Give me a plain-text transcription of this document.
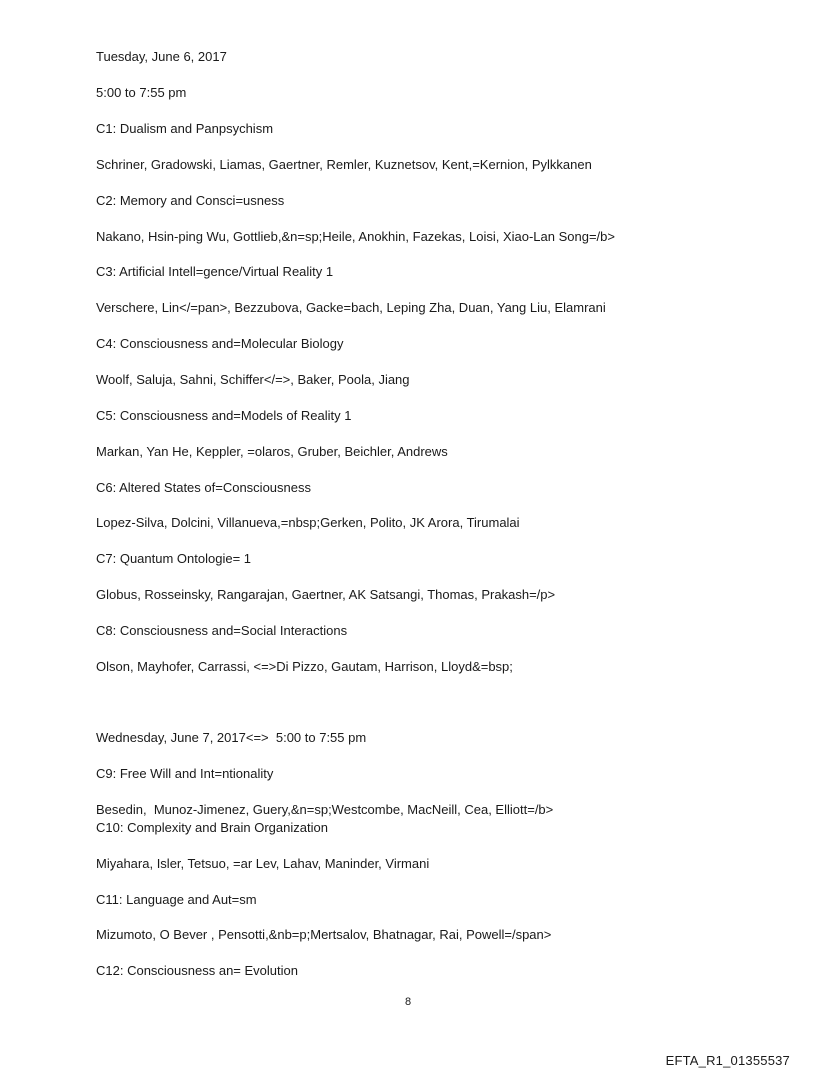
Tuesday, June 6, 2017
5:00 to 7:55 pm
C1: Dualism and Panpsychism
Schriner, Gradowski, Liamas, Gaertner, Remler, Kuznetsov, Kent,=Kernion, Pylkkanen
C2: Memory and Consci=usness
Nakano, Hsin-ping Wu, Gottlieb,&n=sp;Heile, Anokhin, Fazekas, Loisi, Xiao-Lan Song=/b>
C3: Artificial Intell=gence/Virtual Reality 1
Verschere, Lin</=pan>, Bezzubova, Gacke=bach, Leping Zha, Duan, Yang Liu, Elamrani
C4: Consciousness and=Molecular Biology
Woolf, Saluja, Sahni, Schiffer</=>, Baker, Poola, Jiang
C5: Consciousness and=Models of Reality 1
Markan, Yan He, Keppler, =olaros, Gruber, Beichler, Andrews
C6: Altered States of=Consciousness
Lopez-Silva, Dolcini, Villanueva,=nbsp;Gerken, Polito, JK Arora, Tirumalai
C7: Quantum Ontologie= 1
Globus, Rosseinsky, Rangarajan, Gaertner, AK Satsangi, Thomas, Prakash=/p>
C8: Consciousness and=Social Interactions
Olson, Mayhofer, Carrassi, <=>Di Pizzo, Gautam, Harrison, Lloyd&=bsp;
Wednesday, June 7, 2017<=>  5:00 to 7:55 pm
C9: Free Will and Int=ntionality
Besedin,  Munoz-Jimenez, Guery,&n=sp;Westcombe, MacNeill, Cea, Elliott=/b>
C10: Complexity and Brain Organization
Miyahara, Isler, Tetsuo, =ar Lev, Lahav, Maninder, Virmani
C11: Language and Aut=sm
Mizumoto, O Bever , Pensotti,&nb=p;Mertsalov, Bhatnagar, Rai, Powell=/span>
C12: Consciousness an= Evolution
8
EFTA_R1_01355537
